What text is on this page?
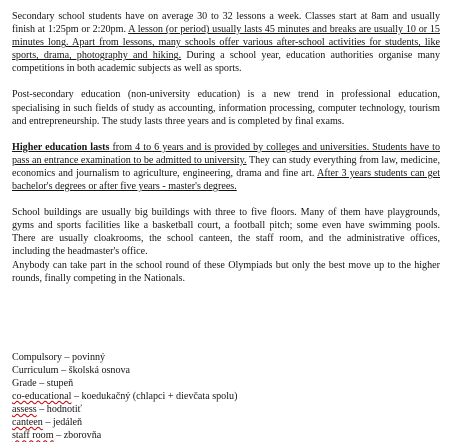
Secondary school students have on average 30 to 32 lessons a week. Classes start at 8am and usually finish at 1:25pm or 2:20pm. A lesson (or period) usually lasts 45 minutes and breaks are usually 10 or 15 minutes long. Apart from lessons, many schools offer various after-school activities for students, like sports, drama, photography and hiking. During a school year, education authorities organise many competitions in both academic subjects as well as sports.

Post-secondary education (non-university education) is a new trend in professional education, specialising in such fields of study as accounting, information processing, computer technology, tourism and entrepreneurship. The study lasts three years and is completed by final exams.

Higher education lasts from 4 to 6 years and is provided by colleges and universities. Students have to pass an entrance examination to be admitted to university. They can study everything from law, medicine, economics and journalism to agriculture, engineering, drama and fine art. After 3 years students can get bachelor's degrees or after five years - master's degrees.

School buildings are usually big buildings with three to five floors. Many of them have playgrounds, gyms and sports facilities like a basketball court, a football pitch; some even have swimming pools. There are usually cloakrooms, the school canteen, the staff room, and the administrative offices, including the headmaster's office.

Anybody can take part in the school round of these Olympiads but only the best move up to the higher rounds, finally competing in the Nationals.

Compulsory – povinný

Curriculum – školská osnova

Grade – stupeň

co-educational – koedukačný (chlapci + dievčata spolu)

assess – hodnotiť

canteen – jedáleň

staff room – zborovňa
